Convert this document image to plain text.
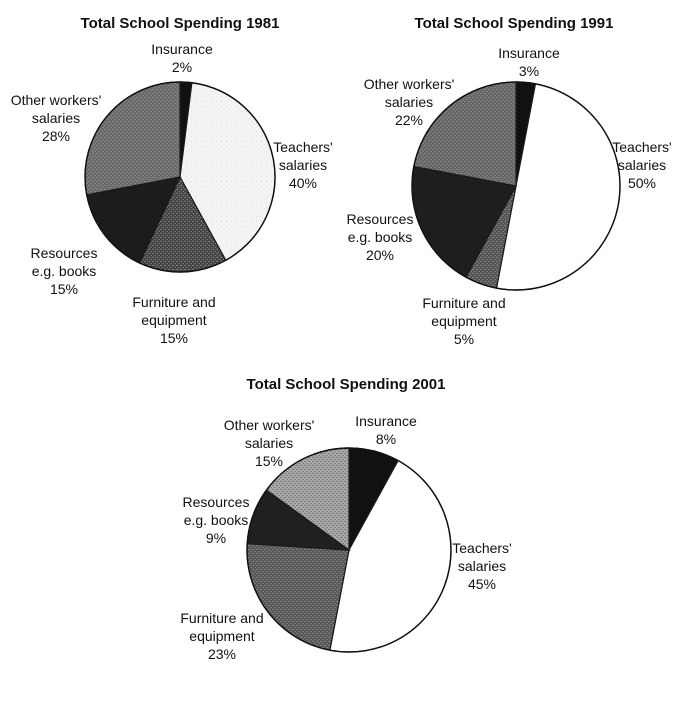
Total School Spending 1981
Insurance 2%
Teachers' salaries 40%
Furniture and equipment 15%
Resources e.g. books 15%
Other workers' salaries 28%
Total School Spending 1991
Insurance 3%
Teachers' salaries 50%
Furniture and equipment 5%
Resources e.g. books 20%
Other workers' salaries 22%
Total School Spending 2001
Insurance 8%
Teachers' salaries 45%
Furniture and equipment 23%
Resources e.g. books 9%
Other workers' salaries 15%
